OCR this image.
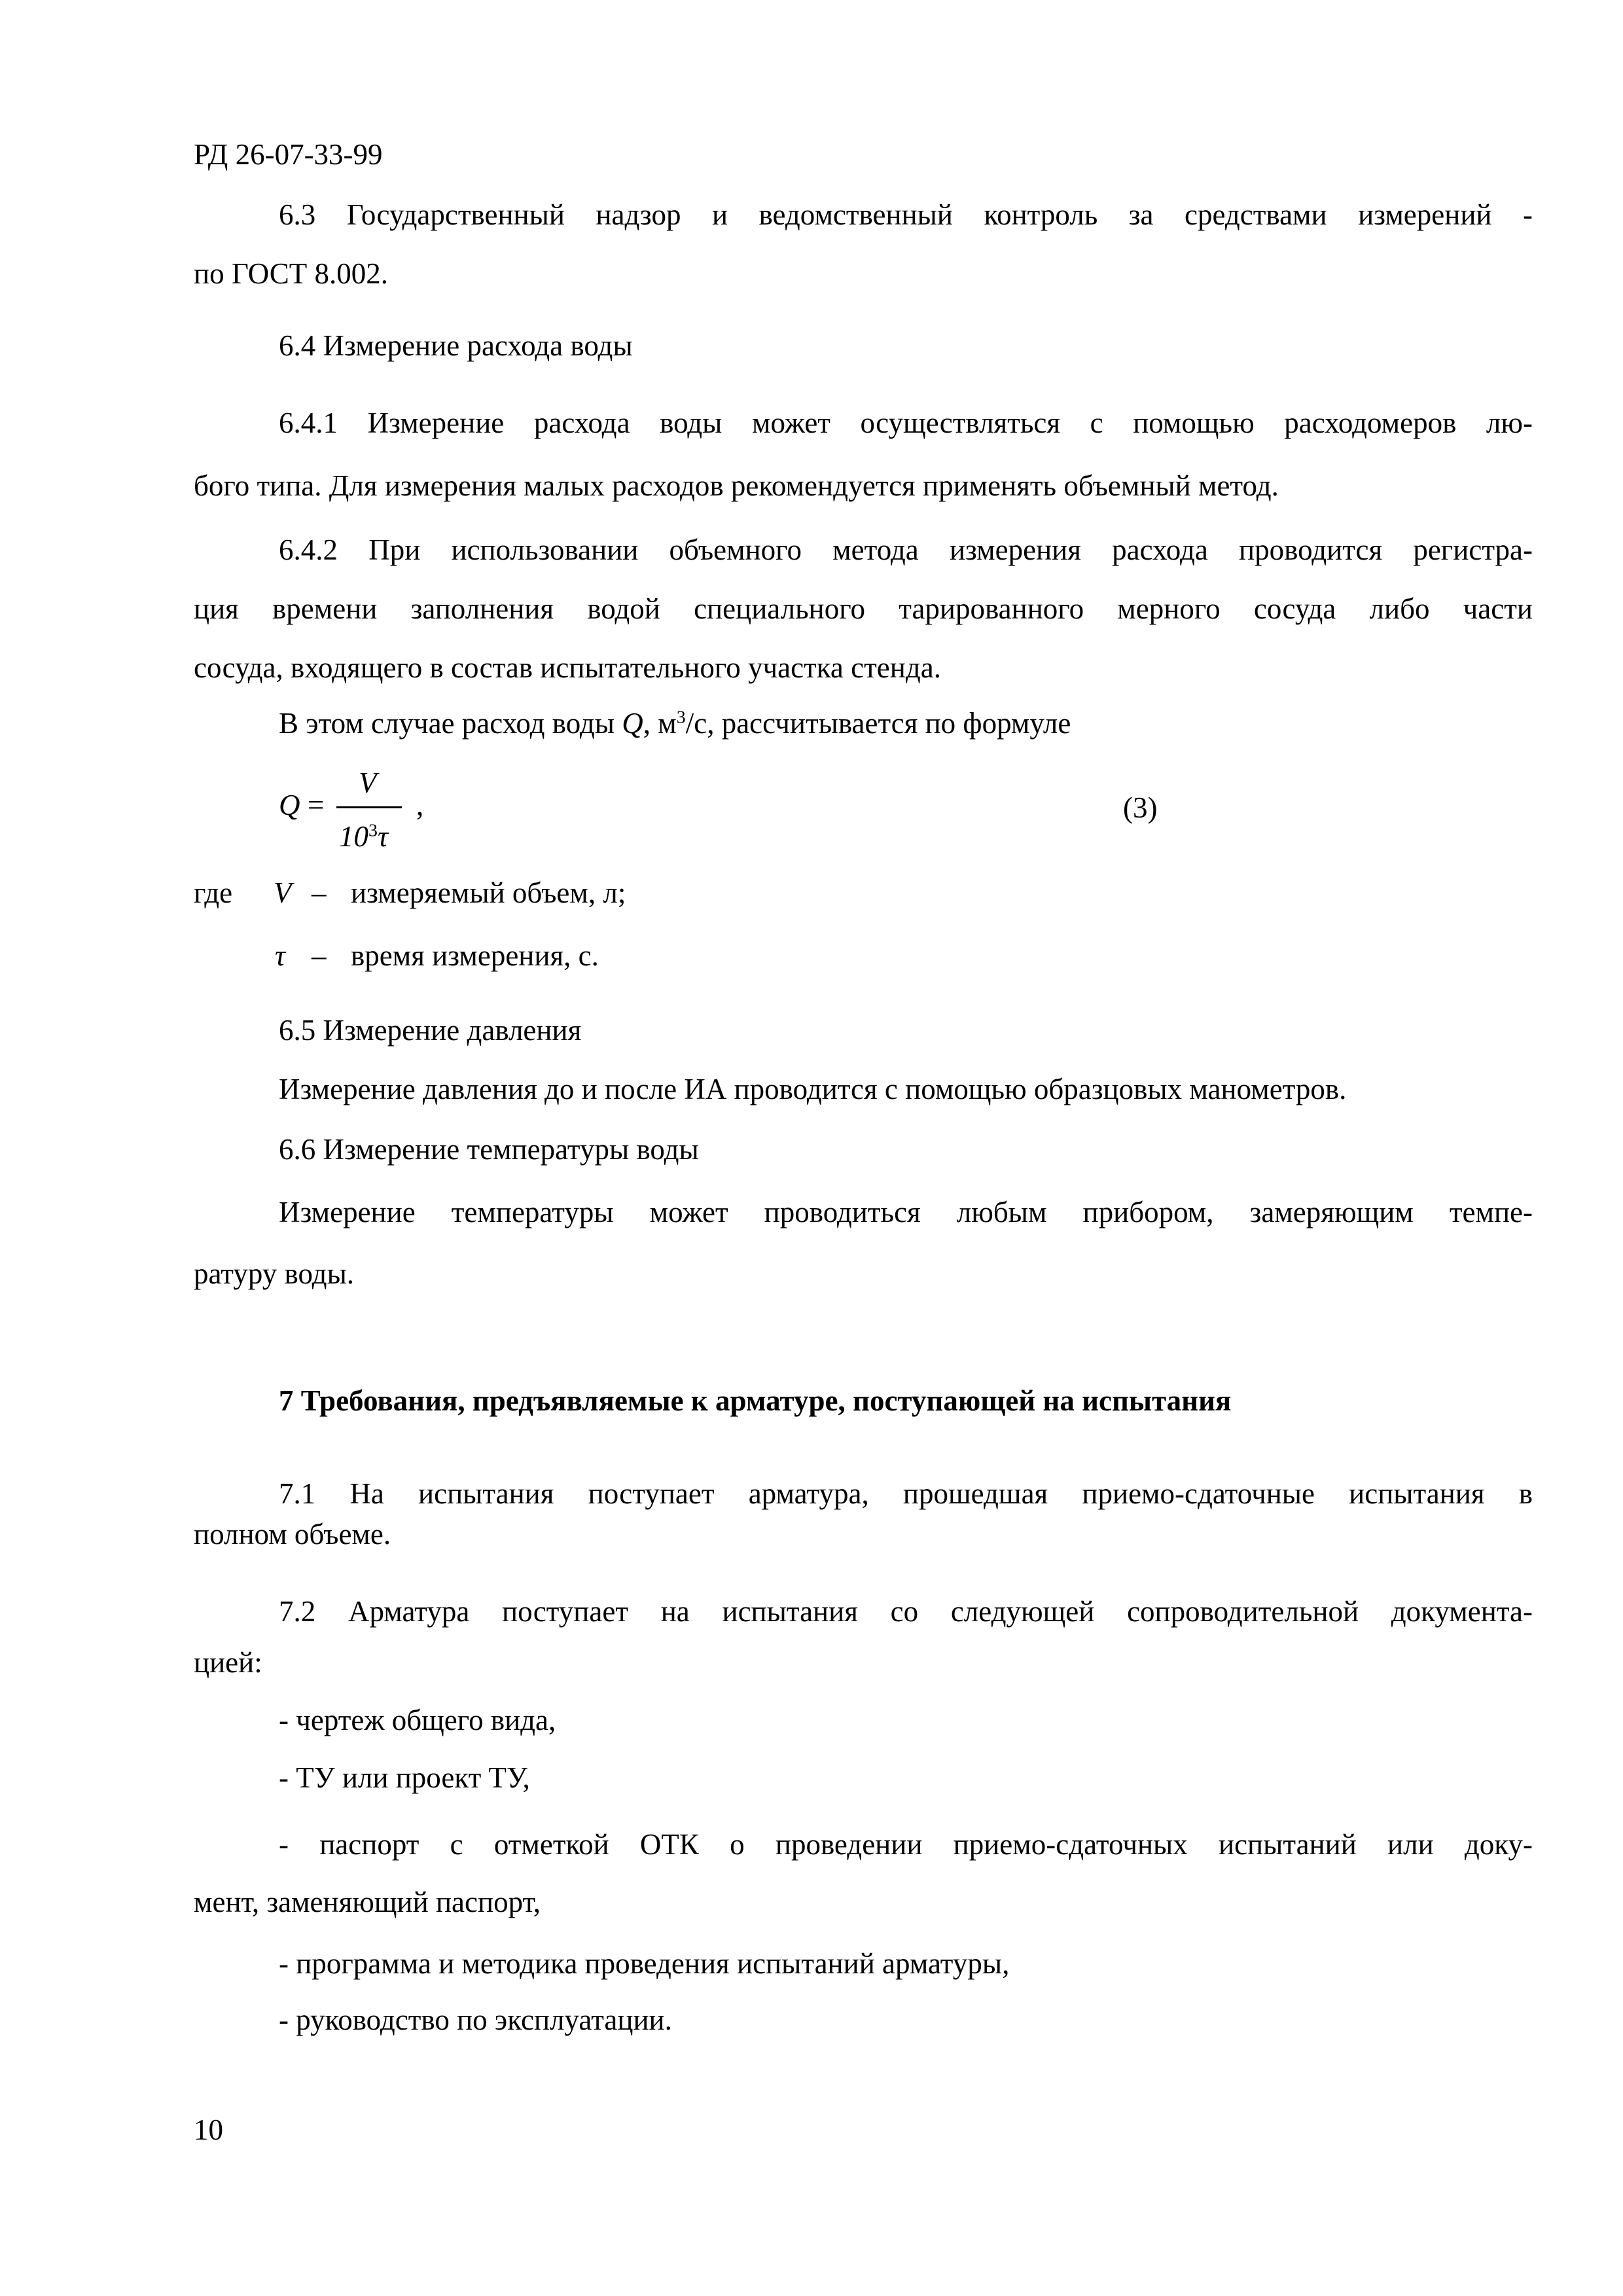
РД 26-07-33-99
6.3 Государственный надзор и ведомственный контроль за средствами измерений -
по ГОСТ 8.002.
6.4 Измерение расхода воды
6.4.1 Измерение расхода воды может осуществляться с помощью расходомеров лю-
бого типа. Для измерения малых расходов рекомендуется применять объемный метод.
6.4.2 При использовании объемного метода измерения расхода проводится регистра-
ция времени заполнения водой специального тарированного мерного сосуда либо части
сосуда, входящего в состав испытательного участка стенда.
В этом случае расход воды Q, $м^3/с$, рассчитывается по формуле
Q =
V
$10^3\tau$
,	(3)
где V – измеряемый объем, л;
τ – время измерения, с.
6.5 Измерение давления
Измерение давления до и после ИА проводится с помощью образцовых манометров.
6.6 Измерение температуры воды
Измерение температуры может проводиться любым прибором, замеряющим темпе-
ратуру воды.
7 Требования, предъявляемые к арматуре, поступающей на испытания
7.1 На испытания поступает арматура, прошедшая приемо-сдаточные испытания в
полном объеме.
7.2 Арматура поступает на испытания со следующей сопроводительной документа-
цией:
- чертеж общего вида,
- ТУ или проект ТУ,
- паспорт с отметкой ОТК о проведении приемо-сдаточных испытаний или доку-
мент, заменяющий паспорт,
- программа и методика проведения испытаний арматуры,
- руководство по эксплуатации.
10
